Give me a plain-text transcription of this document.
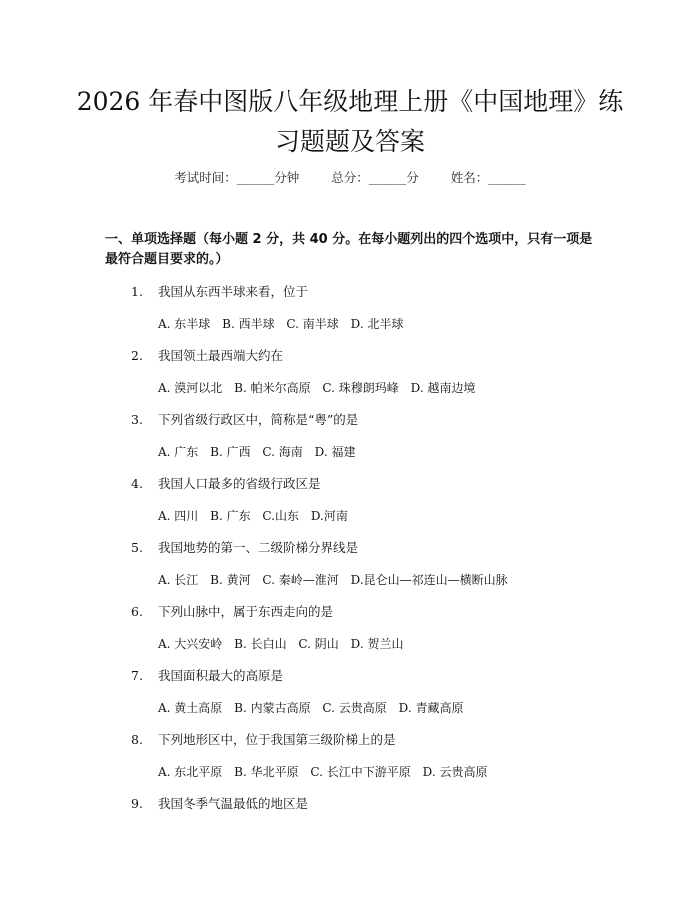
2026 年春中图版八年级地理上册《中国地理》练习题题及答案
考试时间：______分钟	总分：______分	姓名：______

一、单项选择题（每小题 2 分，共 40 分。在每小题列出的四个选项中，只有一项是最符合题目要求的。）

1. 我国从东西半球来看，位于
A. 东半球 B. 西半球 C. 南半球 D. 北半球
2. 我国领土最西端大约在
A. 漠河以北 B. 帕米尔高原 C. 珠穆朗玛峰 D. 越南边境
3. 下列省级行政区中，简称是“粤”的是
A. 广东 B. 广西 C. 海南 D. 福建
4. 我国人口最多的省级行政区是
A. 四川 B. 广东 C.山东 D.河南
5. 我国地势的第一、二级阶梯分界线是
A. 长江 B. 黄河 C. 秦岭—淮河 D.昆仑山—祁连山—横断山脉
6. 下列山脉中，属于东西走向的是
A. 大兴安岭 B. 长白山 C. 阴山 D. 贺兰山
7. 我国面积最大的高原是
A. 黄土高原 B. 内蒙古高原 C. 云贵高原 D. 青藏高原
8. 下列地形区中，位于我国第三级阶梯上的是
A. 东北平原 B. 华北平原 C. 长江中下游平原 D. 云贵高原
9. 我国冬季气温最低的地区是
